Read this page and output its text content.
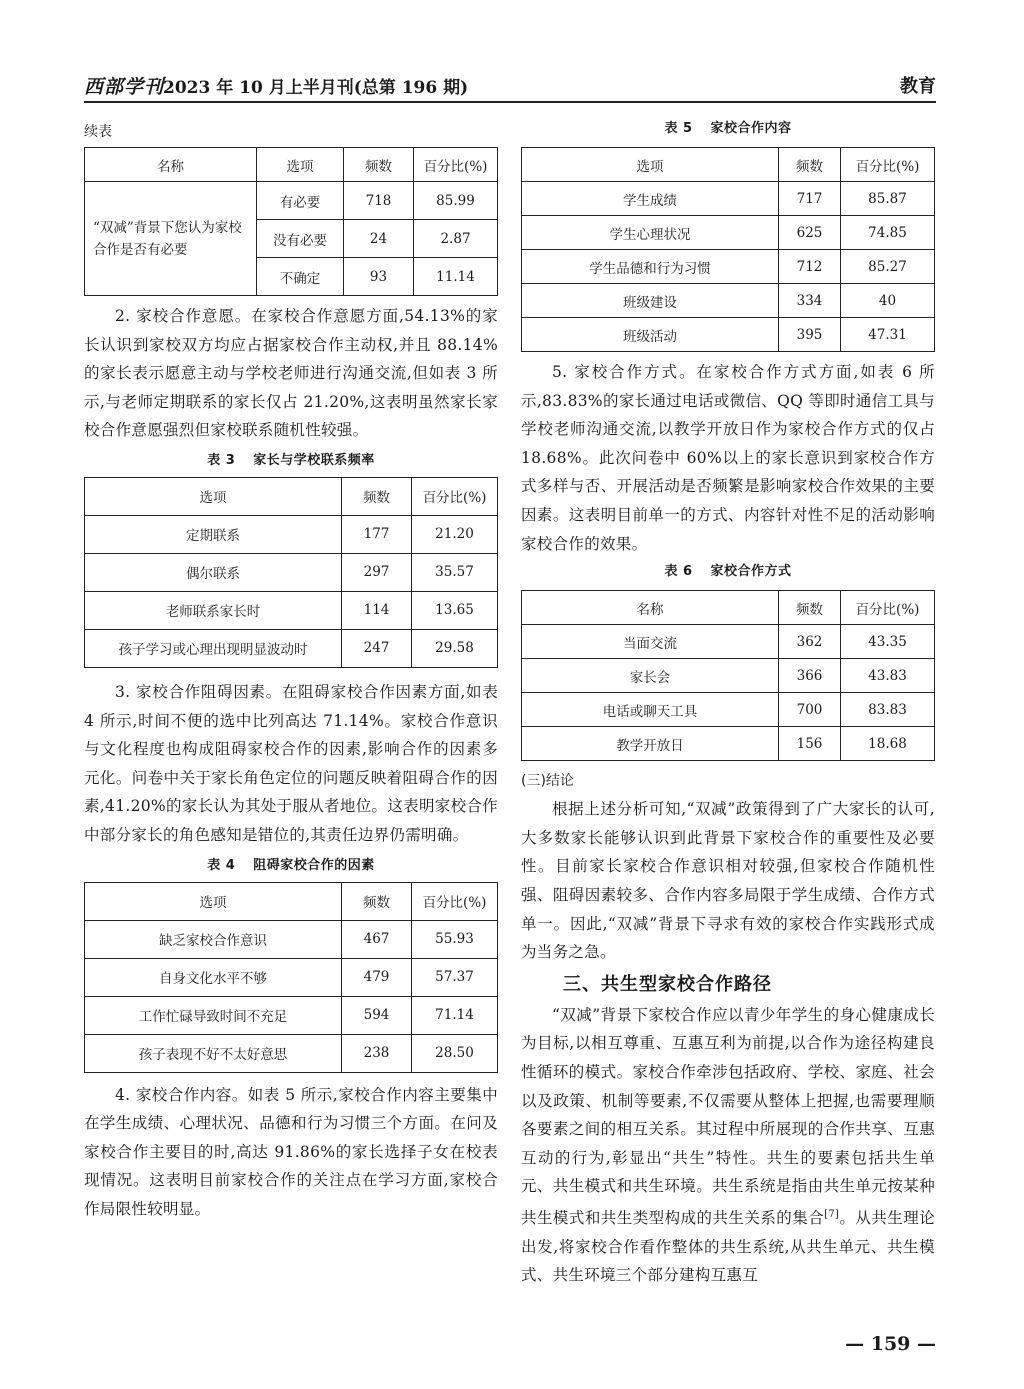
西部学刊
2023 年 10 月上半月刊(总第 196 期)	教育
续表
名称	选项	频数	百分比(%)
“双减”背景下您认为家校合作是否有必要	有必要	718	85.99
	没有必要	24	2.87
	不确定	93	11.14

2. 家校合作意愿。在家校合作意愿方面,54.13%的家长认识到家校双方均应占据家校合作主动权,并且 88.14%的家长表示愿意主动与学校老师进行沟通交流,但如表 3 所示,与老师定期联系的家长仅占 21.20%,这表明虽然家长家校合作意愿强烈但家校联系随机性较强。

表 3 家长与学校联系频率
选项	频数	百分比(%)
定期联系	177	21.20
偶尔联系	297	35.57
老师联系家长时	114	13.65
孩子学习或心理出现明显波动时	247	29.58

3. 家校合作阻碍因素。在阻碍家校合作因素方面,如表 4 所示,时间不便的选中比列高达 71.14%。家校合作意识与文化程度也构成阻碍家校合作的因素,影响合作的因素多元化。问卷中关于家长角色定位的问题反映着阻碍合作的因素,41.20%的家长认为其处于服从者地位。这表明家校合作中部分家长的角色感知是错位的,其责任边界仍需明确。

表 4 阻碍家校合作的因素
选项	频数	百分比(%)
缺乏家校合作意识	467	55.93
自身文化水平不够	479	57.37
工作忙碌导致时间不充足	594	71.14
孩子表现不好不太好意思	238	28.50

4. 家校合作内容。如表 5 所示,家校合作内容主要集中在学生成绩、心理状况、品德和行为习惯三个方面。在问及家校合作主要目的时,高达 91.86%的家长选择子女在校表现情况。这表明目前家校合作的关注点在学习方面,家校合作局限性较明显。

表 5 家校合作内容
选项	频数	百分比(%)
学生成绩	717	85.87
学生心理状况	625	74.85
学生品德和行为习惯	712	85.27
班级建设	334	40
班级活动	395	47.31

5. 家校合作方式。在家校合作方式方面,如表 6 所示,83.83%的家长通过电话或微信、QQ 等即时通信工具与学校老师沟通交流,以教学开放日作为家校合作方式的仅占 18.68%。此次问卷中 60%以上的家长意识到家校合作方式多样与否、开展活动是否频繁是影响家校合作效果的主要因素。这表明目前单一的方式、内容针对性不足的活动影响家校合作的效果。

表 6 家校合作方式
名称	频数	百分比(%)
当面交流	362	43.35
家长会	366	43.83
电话或聊天工具	700	83.83
教学开放日	156	18.68
(三)结论

根据上述分析可知,“双减”政策得到了广大家长的认可,大多数家长能够认识到此背景下家校合作的重要性及必要性。目前家长家校合作意识相对较强,但家校合作随机性强、阻碍因素较多、合作内容多局限于学生成绩、合作方式单一。因此,“双减”背景下寻求有效的家校合作实践形式成为当务之急。

三、共生型家校合作路径

“双减”背景下家校合作应以青少年学生的身心健康成长为目标,以相互尊重、互惠互利为前提,以合作为途径构建良性循环的模式。家校合作牵涉包括政府、学校、家庭、社会以及政策、机制等要素,不仅需要从整体上把握,也需要理顺各要素之间的相互关系。其过程中所展现的合作共享、互惠互动的行为,彰显出“共生”特性。共生的要素包括共生单元、共生模式和共生环境。共生系统是指由共生单元按某种共生模式和共生类型构成的共生关系的集合[7]。从共生理论出发,将家校合作看作整体的共生系统,从共生单元、共生模式、共生环境三个部分建构互惠互

— 159 —
